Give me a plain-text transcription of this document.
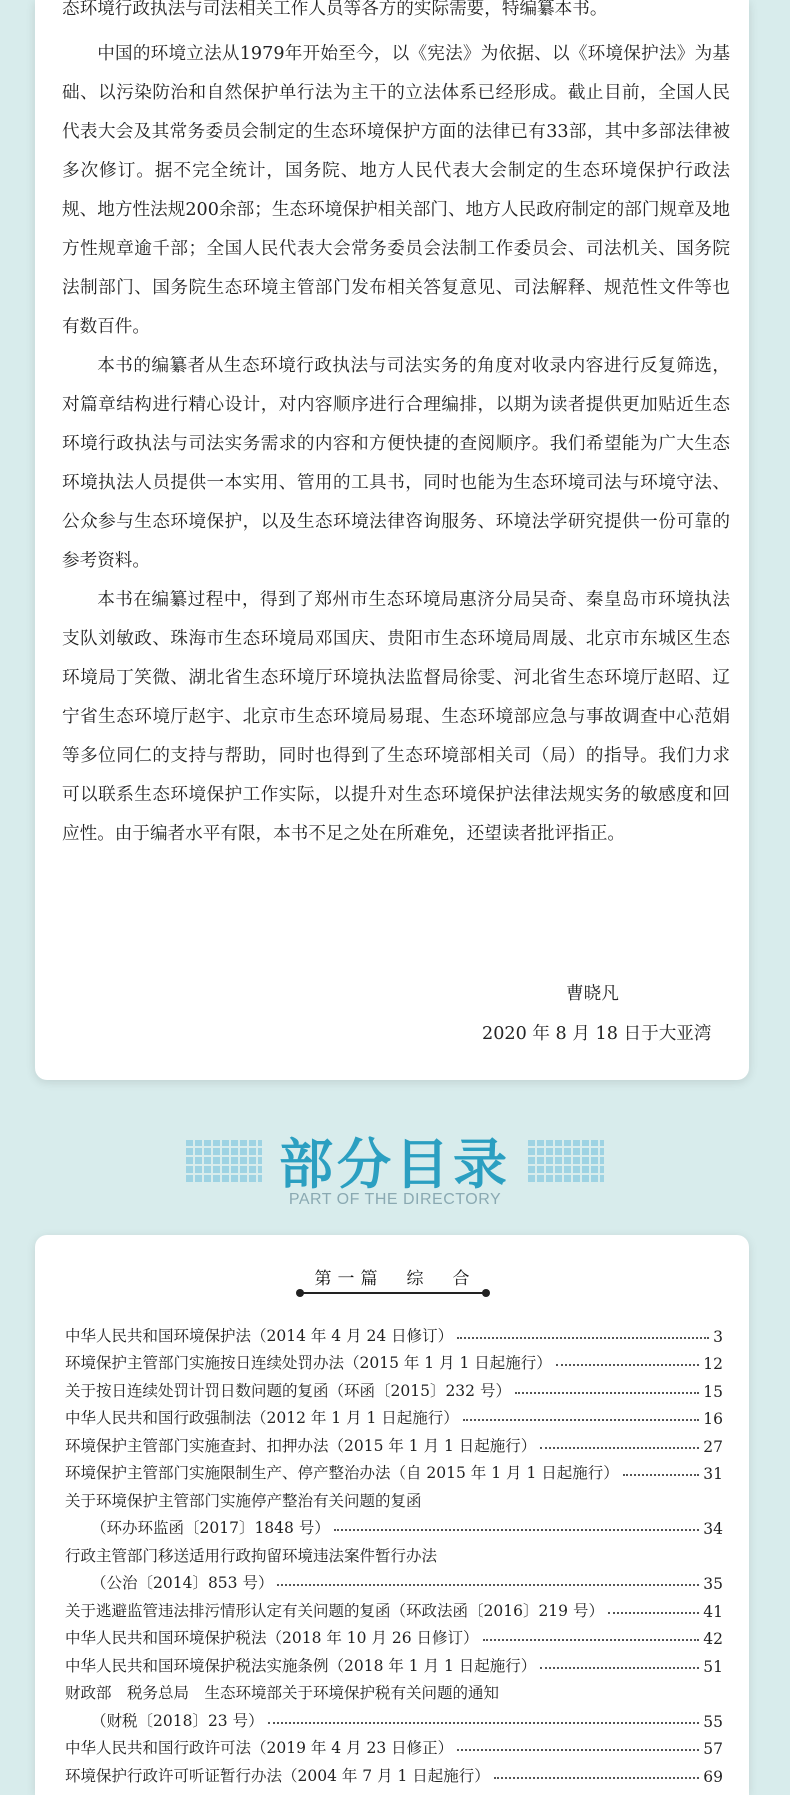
态环境行政执法与司法相关工作人员等各方的实际需要，特编纂本书。

中国的环境立法从1979年开始至今，以《宪法》为依据、以《环境保护法》为基础、以污染防治和自然保护单行法为主干的立法体系已经形成。截止目前，全国人民代表大会及其常务委员会制定的生态环境保护方面的法律已有33部，其中多部法律被多次修订。据不完全统计，国务院、地方人民代表大会制定的生态环境保护行政法规、地方性法规200余部；生态环境保护相关部门、地方人民政府制定的部门规章及地方性规章逾千部；全国人民代表大会常务委员会法制工作委员会、司法机关、国务院法制部门、国务院生态环境主管部门发布相关答复意见、司法解释、规范性文件等也有数百件。

本书的编纂者从生态环境行政执法与司法实务的角度对收录内容进行反复筛选，对篇章结构进行精心设计，对内容顺序进行合理编排，以期为读者提供更加贴近生态环境行政执法与司法实务需求的内容和方便快捷的查阅顺序。我们希望能为广大生态环境执法人员提供一本实用、管用的工具书，同时也能为生态环境司法与环境守法、公众参与生态环境保护，以及生态环境法律咨询服务、环境法学研究提供一份可靠的参考资料。

本书在编纂过程中，得到了郑州市生态环境局惠济分局吴奇、秦皇岛市环境执法支队刘敏政、珠海市生态环境局邓国庆、贵阳市生态环境局周晟、北京市东城区生态环境局丁笑微、湖北省生态环境厅环境执法监督局徐雯、河北省生态环境厅赵昭、辽宁省生态环境厅赵宇、北京市生态环境局易琨、生态环境部应急与事故调查中心范娟等多位同仁的支持与帮助，同时也得到了生态环境部相关司（局）的指导。我们力求可以联系生态环境保护工作实际，以提升对生态环境保护法律法规实务的敏感度和回应性。由于编者水平有限，本书不足之处在所难免，还望读者批评指正。

曹晓凡
2020 年 8 月 18 日于大亚湾
部分目录
PART OF THE DIRECTORY
第一篇　综　合
中华人民共和国环境保护法（2014 年 4 月 24 日修订）	3
环境保护主管部门实施按日连续处罚办法（2015 年 1 月 1 日起施行）	12
关于按日连续处罚计罚日数问题的复函（环函〔2015〕232 号）	15
中华人民共和国行政强制法（2012 年 1 月 1 日起施行）	16
环境保护主管部门实施查封、扣押办法（2015 年 1 月 1 日起施行）	27
环境保护主管部门实施限制生产、停产整治办法（自 2015 年 1 月 1 日起施行）	31
关于环境保护主管部门实施停产整治有关问题的复函
（环办环监函〔2017〕1848 号）	34
行政主管部门移送适用行政拘留环境违法案件暂行办法
（公治〔2014〕853 号）	35
关于逃避监管违法排污情形认定有关问题的复函（环政法函〔2016〕219 号）	41
中华人民共和国环境保护税法（2018 年 10 月 26 日修订）	42
中华人民共和国环境保护税法实施条例（2018 年 1 月 1 日起施行）	51
财政部　税务总局　生态环境部关于环境保护税有关问题的通知
（财税〔2018〕23 号）	55
中华人民共和国行政许可法（2019 年 4 月 23 日修正）	57
环境保护行政许可听证暂行办法（2004 年 7 月 1 日起施行）	69
